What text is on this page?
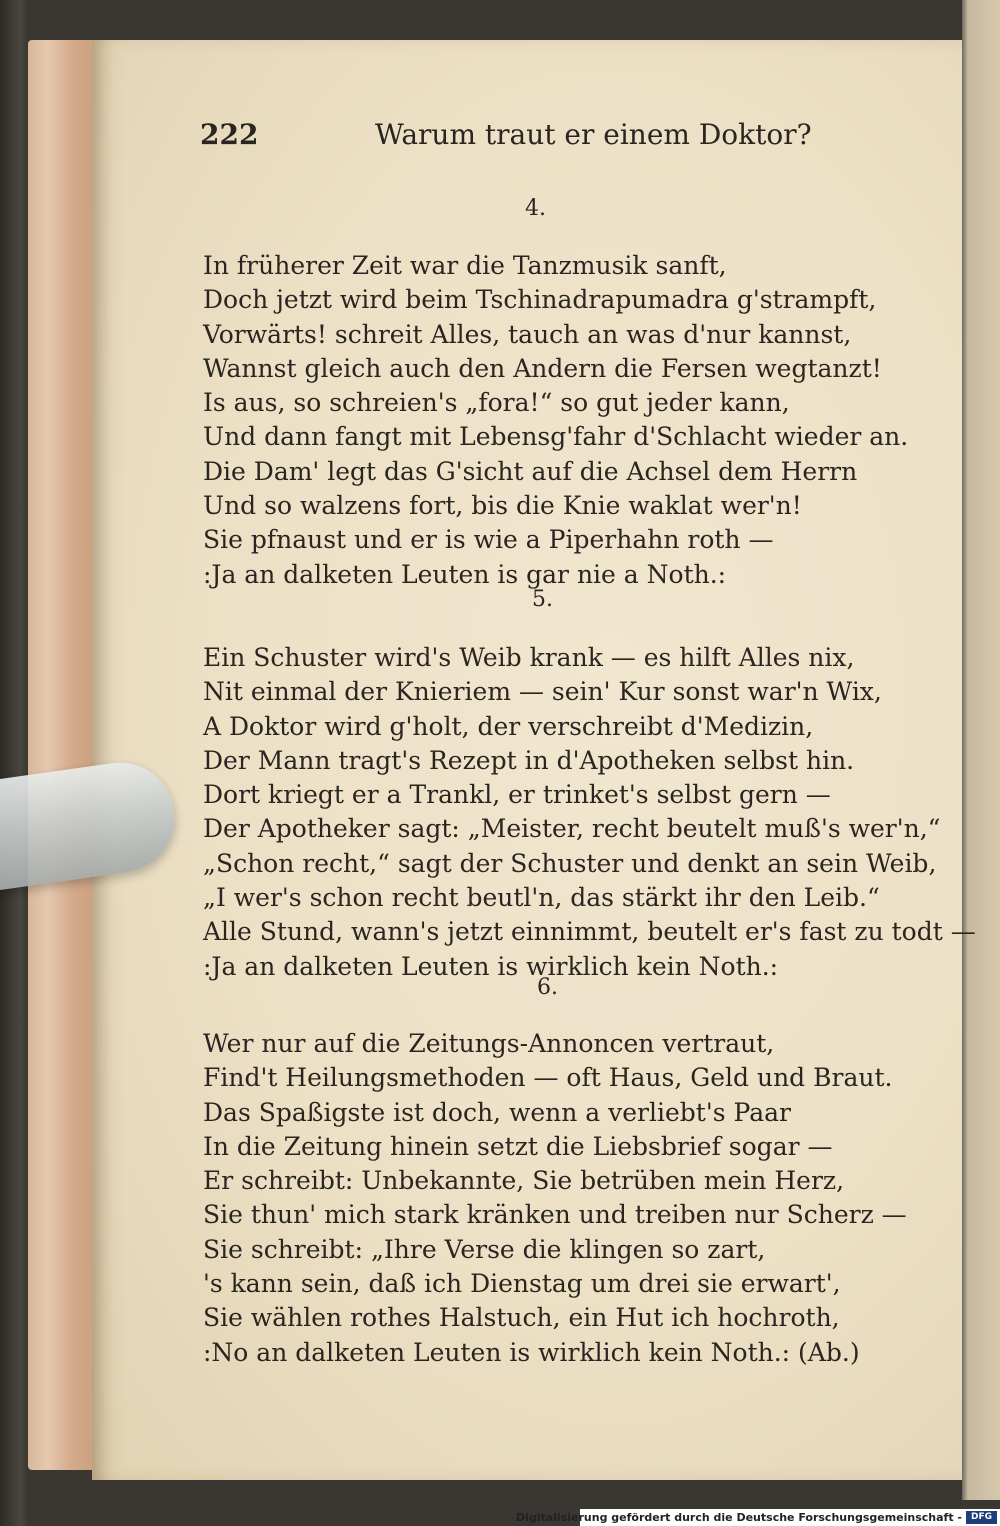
222	Warum traut er einem Doktor?
4.
In früherer Zeit war die Tanzmusik sanft,
Doch jetzt wird beim Tschinadrapumadra g'strampft,
Vorwärts! schreit Alles, tauch an was d'nur kannst,
Wannst gleich auch den Andern die Fersen wegtanzt!
Is aus, so schreien's „fora!“ so gut jeder kann,
Und dann fangt mit Lebensg'fahr d'Schlacht wieder an.
Die Dam' legt das G'sicht auf die Achsel dem Herrn
Und so walzens fort, bis die Knie waklat wer'n!
Sie pfnaust und er is wie a Piperhahn roth —
:Ja an dalketen Leuten is gar nie a Noth.:
5.
Ein Schuster wird's Weib krank — es hilft Alles nix,
Nit einmal der Knieriem — sein' Kur sonst war'n Wix,
A Doktor wird g'holt, der verschreibt d'Medizin,
Der Mann tragt's Rezept in d'Apotheken selbst hin.
Dort kriegt er a Trankl, er trinket's selbst gern —
Der Apotheker sagt: „Meister, recht beutelt muß's wer'n,“
„Schon recht,“ sagt der Schuster und denkt an sein Weib,
„I wer's schon recht beutl'n, das stärkt ihr den Leib.“
Alle Stund, wann's jetzt einnimmt, beutelt er's fast zu todt —
:Ja an dalketen Leuten is wirklich kein Noth.:
6.
Wer nur auf die Zeitungs-Annoncen vertraut,
Find't Heilungsmethoden — oft Haus, Geld und Braut.
Das Spaßigste ist doch, wenn a verliebt's Paar
In die Zeitung hinein setzt die Liebsbrief sogar —
Er schreibt: Unbekannte, Sie betrüben mein Herz,
Sie thun' mich stark kränken und treiben nur Scherz —
Sie schreibt: „Ihre Verse die klingen so zart,
's kann sein, daß ich Dienstag um drei sie erwart',
Sie wählen rothes Halstuch, ein Hut ich hochroth,
:No an dalketen Leuten is wirklich kein Noth.: (Ab.)
Digitalisierung gefördert durch die Deutsche Forschungsgemeinschaft - DFG
